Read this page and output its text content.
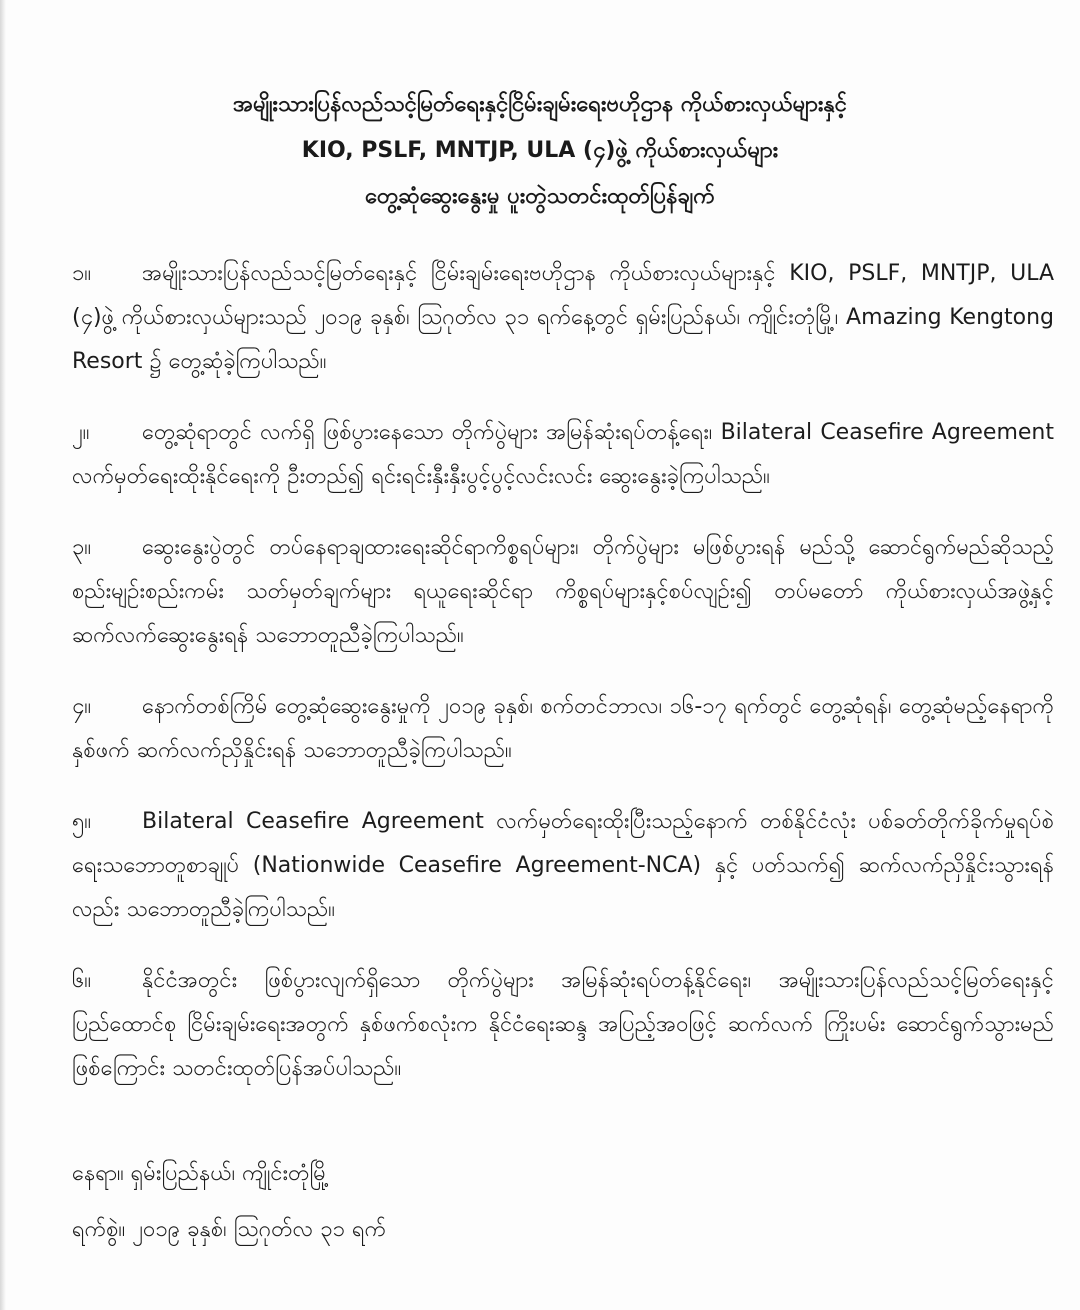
အမျိုးသားပြန်လည်သင့်မြတ်ရေးနှင့်ငြိမ်းချမ်းရေးဗဟိုဌာန ကိုယ်စားလှယ်များနှင့်
KIO, PSLF, MNTJP, ULA (၄)ဖွဲ့ ကိုယ်စားလှယ်များ
တွေ့ဆုံဆွေးနွေးမှု ပူးတွဲသတင်းထုတ်ပြန်ချက်

၁။ အမျိုးသားပြန်လည်သင့်မြတ်ရေးနှင့် ငြိမ်းချမ်းရေးဗဟိုဌာန ကိုယ်စားလှယ်များနှင့် KIO, PSLF, MNTJP, ULA (၄)ဖွဲ့ ကိုယ်စားလှယ်များသည် ၂၀၁၉ ခုနှစ်၊ ဩဂုတ်လ ၃၁ ရက်နေ့တွင် ရှမ်းပြည်နယ်၊ ကျိုင်းတုံမြို့၊ Amazing Kengtong Resort ၌ တွေ့ဆုံခဲ့ကြပါသည်။

၂။ တွေ့ဆုံရာတွင် လက်ရှိ ဖြစ်ပွားနေသော တိုက်ပွဲများ အမြန်ဆုံးရပ်တန့်ရေး၊ Bilateral Ceasefire Agreement လက်မှတ်ရေးထိုးနိုင်ရေးကို ဦးတည်၍ ရင်းရင်းနှီးနှီးပွင့်ပွင့်လင်းလင်း ဆွေးနွေးခဲ့ကြပါသည်။

၃။ ဆွေးနွေးပွဲတွင် တပ်နေရာချထားရေးဆိုင်ရာကိစ္စရပ်များ၊ တိုက်ပွဲများ မဖြစ်ပွားရန် မည်သို့ ဆောင်ရွက်မည်ဆိုသည့် စည်းမျဉ်းစည်းကမ်း သတ်မှတ်ချက်များ ရယူရေးဆိုင်ရာ ကိစ္စရပ်များနှင့်စပ်လျဉ်း၍ တပ်မတော် ကိုယ်စားလှယ်အဖွဲ့နှင့် ဆက်လက်ဆွေးနွေးရန် သဘောတူညီခဲ့ကြပါသည်။

၄။ နောက်တစ်ကြိမ် တွေ့ဆုံဆွေးနွေးမှုကို ၂၀၁၉ ခုနှစ်၊ စက်တင်ဘာလ၊ ၁၆-၁၇ ရက်တွင် တွေ့ဆုံရန်၊ တွေ့ဆုံမည့်နေရာကို နှစ်ဖက် ဆက်လက်ညှိနှိုင်းရန် သဘောတူညီခဲ့ကြပါသည်။

၅။ Bilateral Ceasefire Agreement လက်မှတ်ရေးထိုးပြီးသည့်နောက် တစ်နိုင်ငံလုံး ပစ်ခတ်တိုက်ခိုက်မှုရပ်စဲရေးသဘောတူစာချုပ် (Nationwide Ceasefire Agreement-NCA) နှင့် ပတ်သက်၍ ဆက်လက်ညှိနှိုင်းသွားရန်လည်း သဘောတူညီခဲ့ကြပါသည်။

၆။ နိုင်ငံအတွင်း ဖြစ်ပွားလျက်ရှိသော တိုက်ပွဲများ အမြန်ဆုံးရပ်တန့်နိုင်ရေး၊ အမျိုးသားပြန်လည်သင့်မြတ်ရေးနှင့် ပြည်ထောင်စု ငြိမ်းချမ်းရေးအတွက် နှစ်ဖက်စလုံးက နိုင်ငံရေးဆန္ဒ အပြည့်အဝဖြင့် ဆက်လက် ကြိုးပမ်း ဆောင်ရွက်သွားမည်ဖြစ်ကြောင်း သတင်းထုတ်ပြန်အပ်ပါသည်။

နေရာ။ ရှမ်းပြည်နယ်၊ ကျိုင်းတုံမြို့
ရက်စွဲ။ ၂၀၁၉ ခုနှစ်၊ ဩဂုတ်လ ၃၁ ရက်
